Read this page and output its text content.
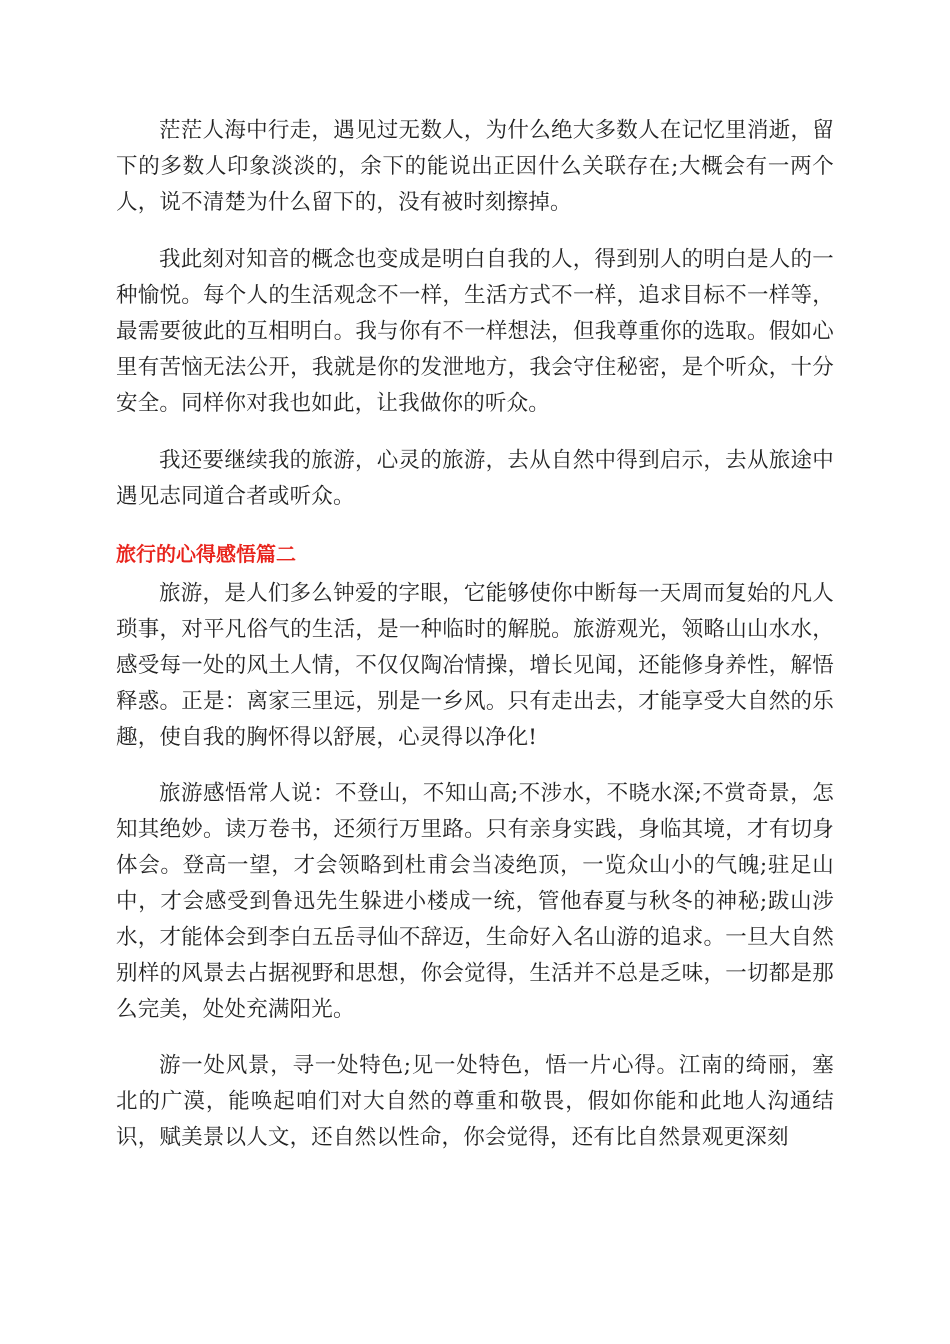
茫茫人海中行走，遇见过无数人，为什么绝大多数人在记忆里消逝，留下的多数人印象淡淡的，余下的能说出正因什么关联存在;大概会有一两个人，说不清楚为什么留下的，没有被时刻擦掉。

我此刻对知音的概念也变成是明白自我的人，得到别人的明白是人的一种愉悦。每个人的生活观念不一样，生活方式不一样，追求目标不一样等，最需要彼此的互相明白。我与你有不一样想法，但我尊重你的选取。假如心里有苦恼无法公开，我就是你的发泄地方，我会守住秘密，是个听众，十分安全。同样你对我也如此，让我做你的听众。

我还要继续我的旅游，心灵的旅游，去从自然中得到启示，去从旅途中遇见志同道合者或听众。

旅行的心得感悟篇二

旅游，是人们多么钟爱的字眼，它能够使你中断每一天周而复始的凡人琐事，对平凡俗气的生活，是一种临时的解脱。旅游观光，领略山山水水，感受每一处的风土人情，不仅仅陶冶情操，增长见闻，还能修身养性，解悟释惑。正是：离家三里远，别是一乡风。只有走出去，才能享受大自然的乐趣，使自我的胸怀得以舒展，心灵得以净化!

旅游感悟常人说：不登山，不知山高;不涉水，不晓水深;不赏奇景，怎知其绝妙。读万卷书，还须行万里路。只有亲身实践，身临其境，才有切身体会。登高一望，才会领略到杜甫会当凌绝顶，一览众山小的气魄;驻足山中，才会感受到鲁迅先生躲进小楼成一统，管他春夏与秋冬的神秘;跋山涉水，才能体会到李白五岳寻仙不辞迈，生命好入名山游的追求。一旦大自然别样的风景去占据视野和思想，你会觉得，生活并不总是乏味，一切都是那么完美，处处充满阳光。

游一处风景，寻一处特色;见一处特色，悟一片心得。江南的绮丽，塞北的广漠，能唤起咱们对大自然的尊重和敬畏，假如你能和此地人沟通结识，赋美景以人文，还自然以性命，你会觉得，还有比自然景观更深刻
